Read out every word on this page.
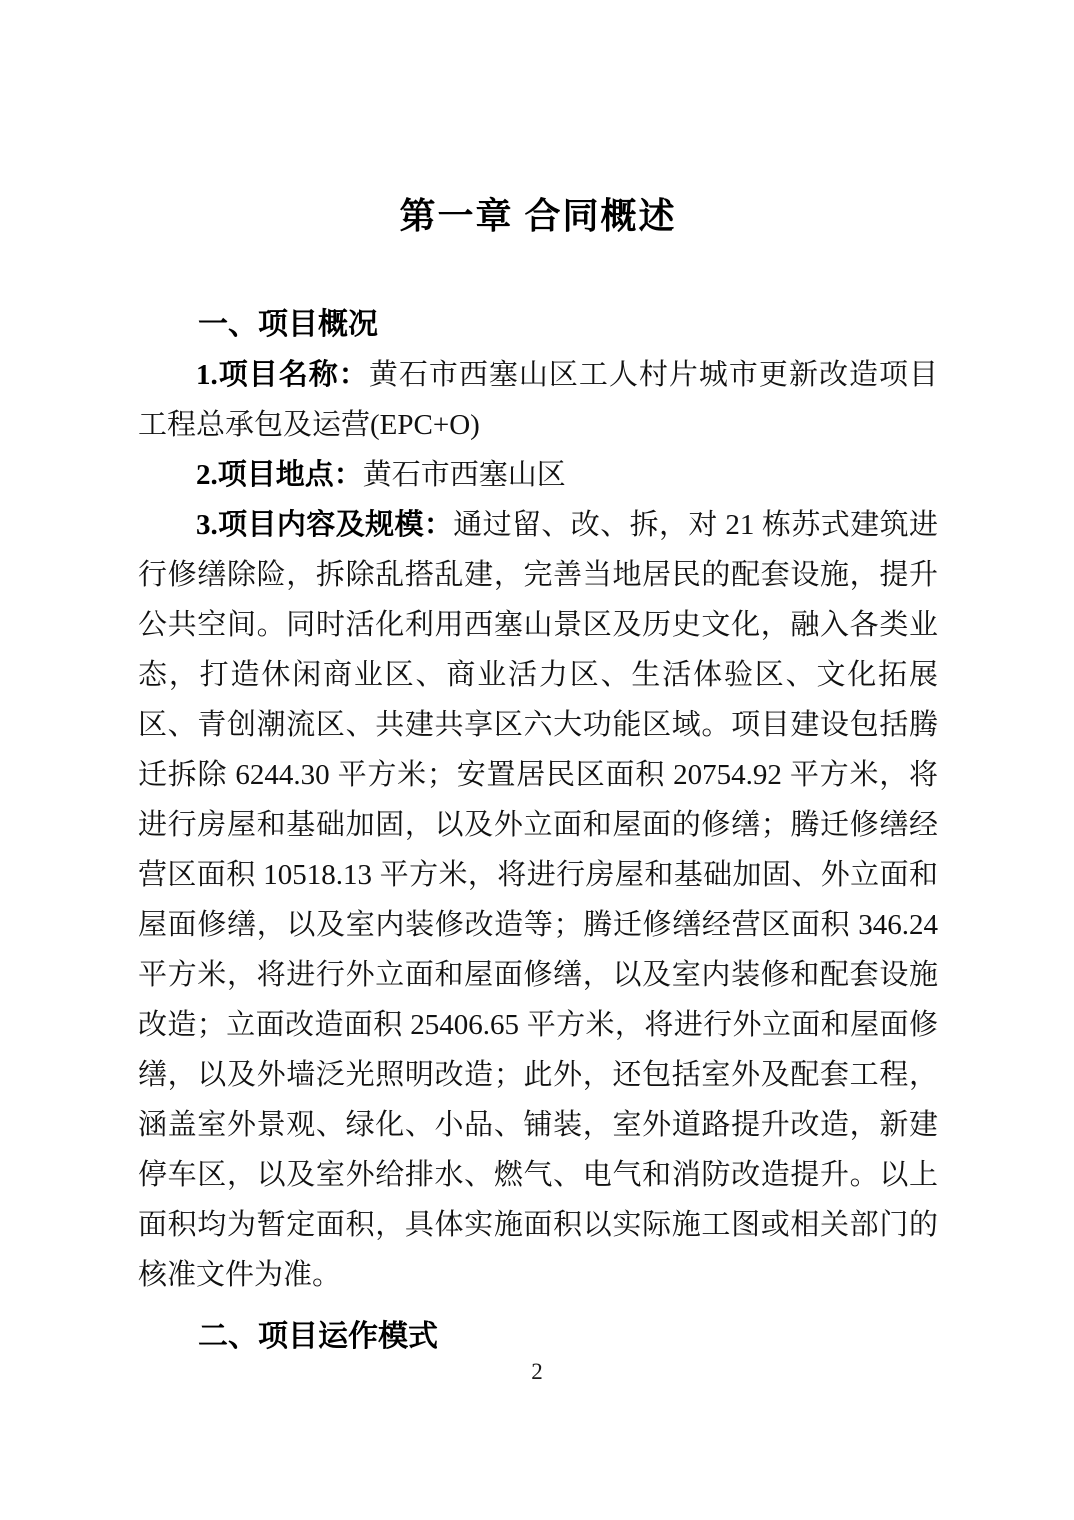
第一章 合同概述
一、项目概况

1.项目名称：黄石市西塞山区工人村片城市更新改造项目工程总承包及运营(EPC+O)

2.项目地点：黄石市西塞山区

3.项目内容及规模：通过留、改、拆，对 21 栋苏式建筑进行修缮除险，拆除乱搭乱建，完善当地居民的配套设施，提升公共空间。同时活化利用西塞山景区及历史文化，融入各类业态，打造休闲商业区、商业活力区、生活体验区、文化拓展区、青创潮流区、共建共享区六大功能区域。项目建设包括腾迁拆除 6244.30 平方米；安置居民区面积 20754.92 平方米，将进行房屋和基础加固，以及外立面和屋面的修缮；腾迁修缮经营区面积 10518.13 平方米，将进行房屋和基础加固、外立面和屋面修缮，以及室内装修改造等；腾迁修缮经营区面积 346.24 平方米，将进行外立面和屋面修缮，以及室内装修和配套设施改造；立面改造面积 25406.65 平方米，将进行外立面和屋面修缮，以及外墙泛光照明改造；此外，还包括室外及配套工程，涵盖室外景观、绿化、小品、铺装，室外道路提升改造，新建停车区，以及室外给排水、燃气、电气和消防改造提升。以上面积均为暂定面积，具体实施面积以实际施工图或相关部门的核准文件为准。

二、项目运作模式
2
